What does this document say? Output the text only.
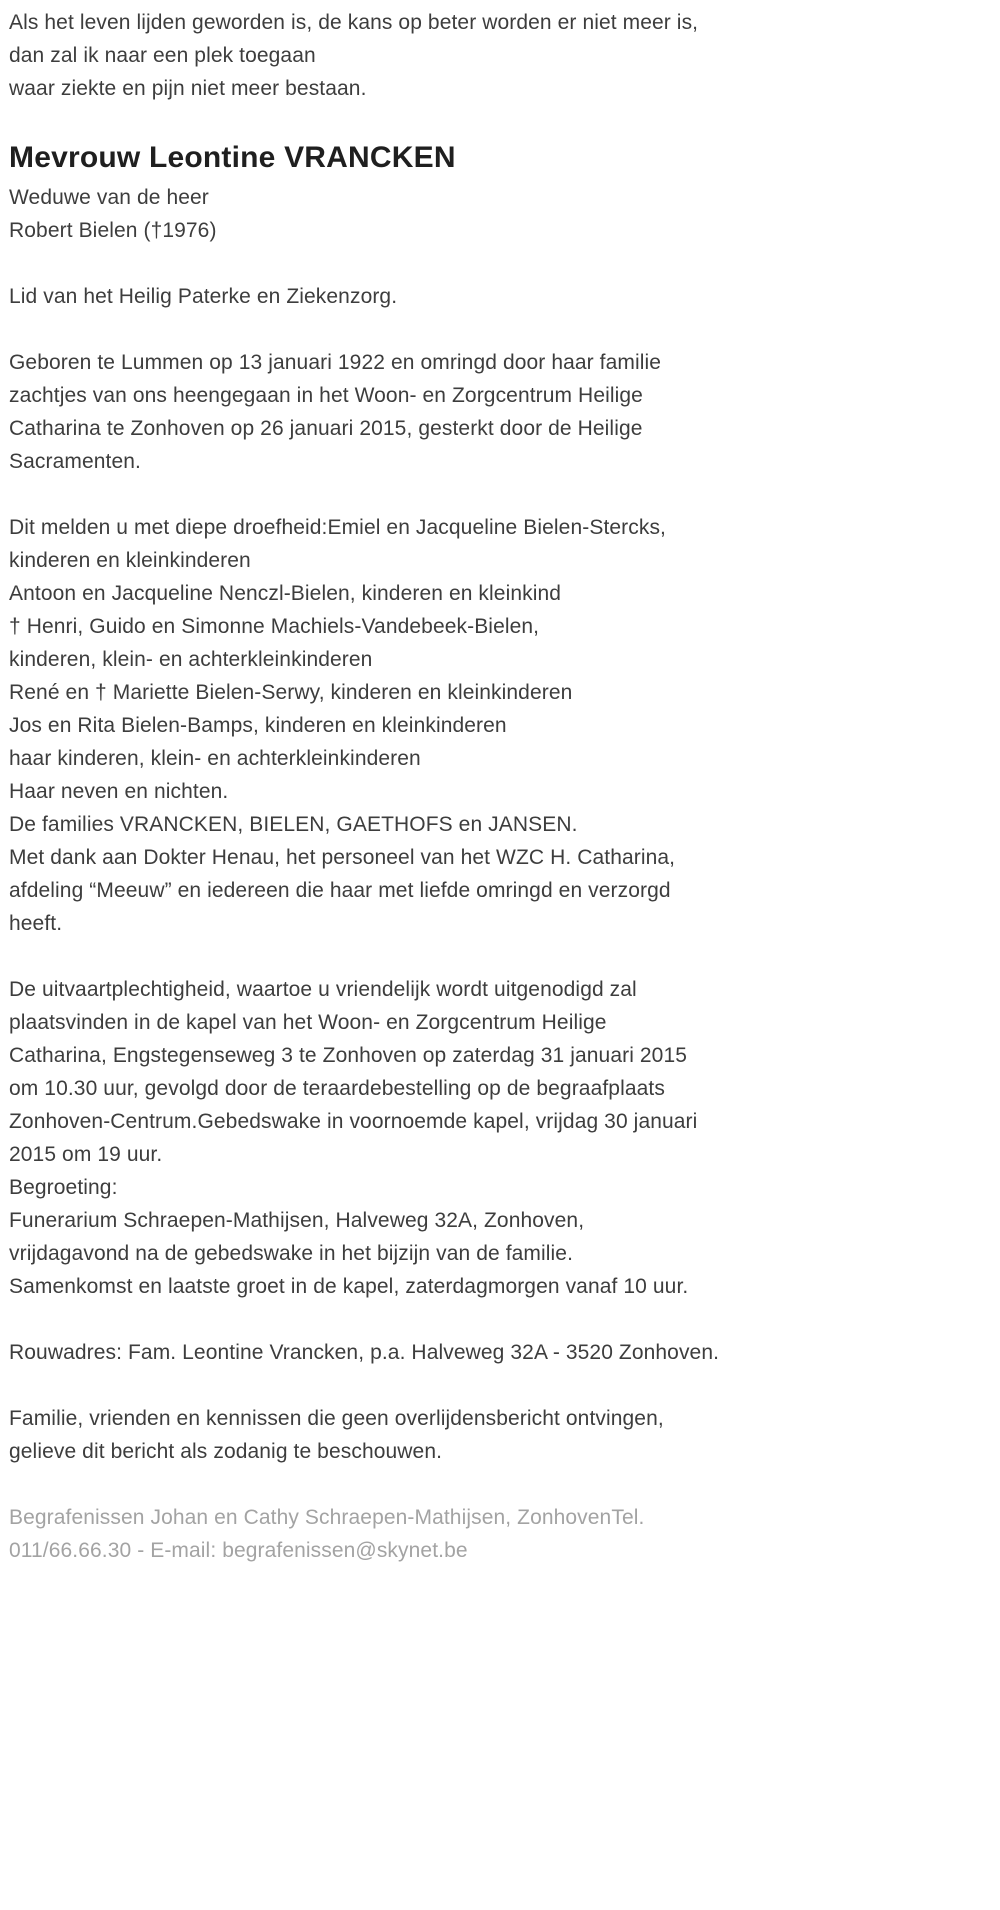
Als het leven lijden geworden is, de kans op beter worden er niet meer is,
dan zal ik naar een plek toegaan
waar ziekte en pijn niet meer bestaan.
Mevrouw Leontine VRANCKEN
Weduwe van de heer
Robert Bielen (†1976)
Lid van het Heilig Paterke en Ziekenzorg.
Geboren te Lummen op 13 januari 1922 en omringd door haar familie
zachtjes van ons heengegaan in het Woon- en Zorgcentrum Heilige
Catharina te Zonhoven op 26 januari 2015, gesterkt door de Heilige
Sacramenten.
Dit melden u met diepe droefheid:Emiel en Jacqueline Bielen-Stercks,
kinderen en kleinkinderen
Antoon en Jacqueline Nenczl-Bielen, kinderen en kleinkind
† Henri, Guido en Simonne Machiels-Vandebeek-Bielen,
kinderen, klein- en achterkleinkinderen
René en † Mariette Bielen-Serwy, kinderen en kleinkinderen
Jos en Rita Bielen-Bamps, kinderen en kleinkinderen
haar kinderen, klein- en achterkleinkinderen
Haar neven en nichten.
De families VRANCKEN, BIELEN, GAETHOFS en JANSEN.
Met dank aan Dokter Henau, het personeel van het WZC H. Catharina,
afdeling “Meeuw” en iedereen die haar met liefde omringd en verzorgd
heeft.
De uitvaartplechtigheid, waartoe u vriendelijk wordt uitgenodigd zal
plaatsvinden in de kapel van het Woon- en Zorgcentrum Heilige
Catharina, Engstegenseweg 3 te Zonhoven op zaterdag 31 januari 2015
om 10.30 uur, gevolgd door de teraardebestelling op de begraafplaats
Zonhoven-Centrum.Gebedswake in voornoemde kapel, vrijdag 30 januari
2015 om 19 uur.
Begroeting:
Funerarium Schraepen-Mathijsen, Halveweg 32A, Zonhoven,
vrijdagavond na de gebedswake in het bijzijn van de familie.
Samenkomst en laatste groet in de kapel, zaterdagmorgen vanaf 10 uur.
Rouwadres: Fam. Leontine Vrancken, p.a. Halveweg 32A - 3520 Zonhoven.
Familie, vrienden en kennissen die geen overlijdensbericht ontvingen,
gelieve dit bericht als zodanig te beschouwen.
Begrafenissen Johan en Cathy Schraepen-Mathijsen, ZonhovenTel.
011/66.66.30 - E-mail: begrafenissen@skynet.be
